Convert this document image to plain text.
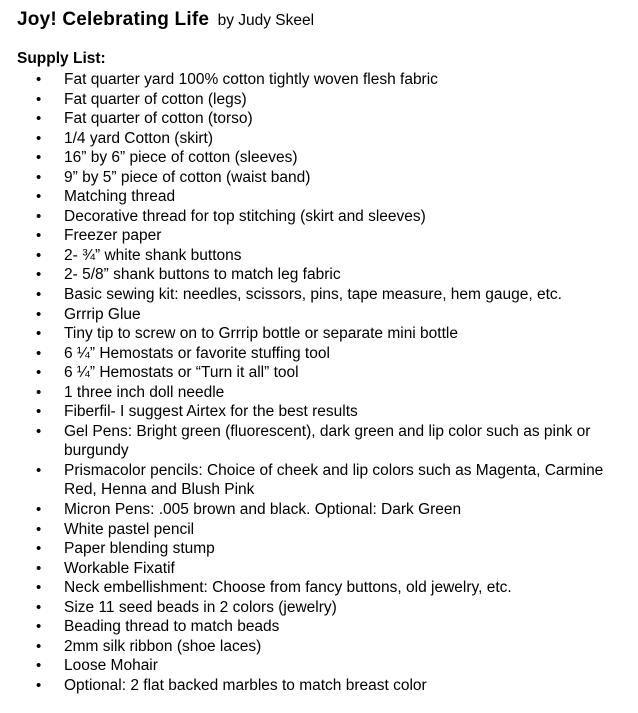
Joy! Celebrating Life by Judy Skeel
Supply List:
• Fat quarter yard 100% cotton tightly woven flesh fabric
• Fat quarter of cotton (legs)
• Fat quarter of cotton (torso)
• 1/4 yard Cotton (skirt)
• 16” by 6” piece of cotton (sleeves)
• 9” by 5” piece of cotton (waist band)
• Matching thread
• Decorative thread for top stitching (skirt and sleeves)
• Freezer paper
• 2- ¾” white shank buttons
• 2- 5/8” shank buttons to match leg fabric
• Basic sewing kit: needles, scissors, pins, tape measure, hem gauge, etc.
• Grrrip Glue
• Tiny tip to screw on to Grrrip bottle or separate mini bottle
• 6 ¼” Hemostats or favorite stuffing tool
• 6 ¼” Hemostats or “Turn it all” tool
• 1 three inch doll needle
• Fiberfil- I suggest Airtex for the best results
• Gel Pens: Bright green (fluorescent), dark green and lip color such as pink or burgundy
• Prismacolor pencils: Choice of cheek and lip colors such as Magenta, Carmine Red, Henna and Blush Pink
• Micron Pens: .005 brown and black. Optional: Dark Green
• White pastel pencil
• Paper blending stump
• Workable Fixatif
• Neck embellishment: Choose from fancy buttons, old jewelry, etc.
• Size 11 seed beads in 2 colors (jewelry)
• Beading thread to match beads
• 2mm silk ribbon (shoe laces)
• Loose Mohair
• Optional: 2 flat backed marbles to match breast color
